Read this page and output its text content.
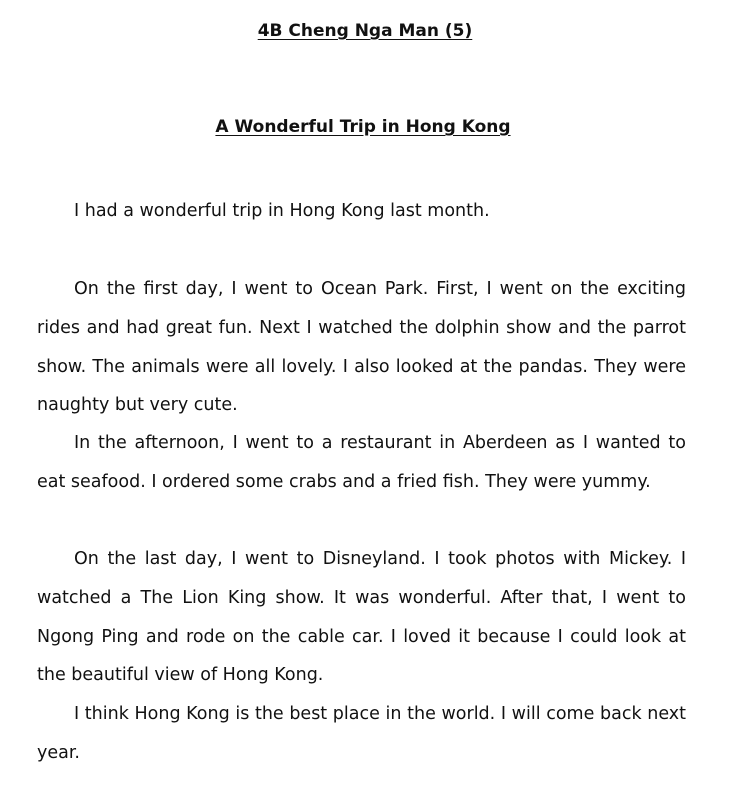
4B Cheng Nga Man (5)
A Wonderful Trip in Hong Kong

I had a wonderful trip in Hong Kong last month.

On the first day, I went to Ocean Park. First, I went on the exciting rides and had great fun. Next I watched the dolphin show and the parrot show. The animals were all lovely. I also looked at the pandas. They were naughty but very cute.

In the afternoon, I went to a restaurant in Aberdeen as I wanted to eat seafood. I ordered some crabs and a fried fish. They were yummy.

On the last day, I went to Disneyland. I took photos with Mickey. I watched a The Lion King show. It was wonderful. After that, I went to Ngong Ping and rode on the cable car. I loved it because I could look at the beautiful view of Hong Kong.

I think Hong Kong is the best place in the world. I will come back next year.
